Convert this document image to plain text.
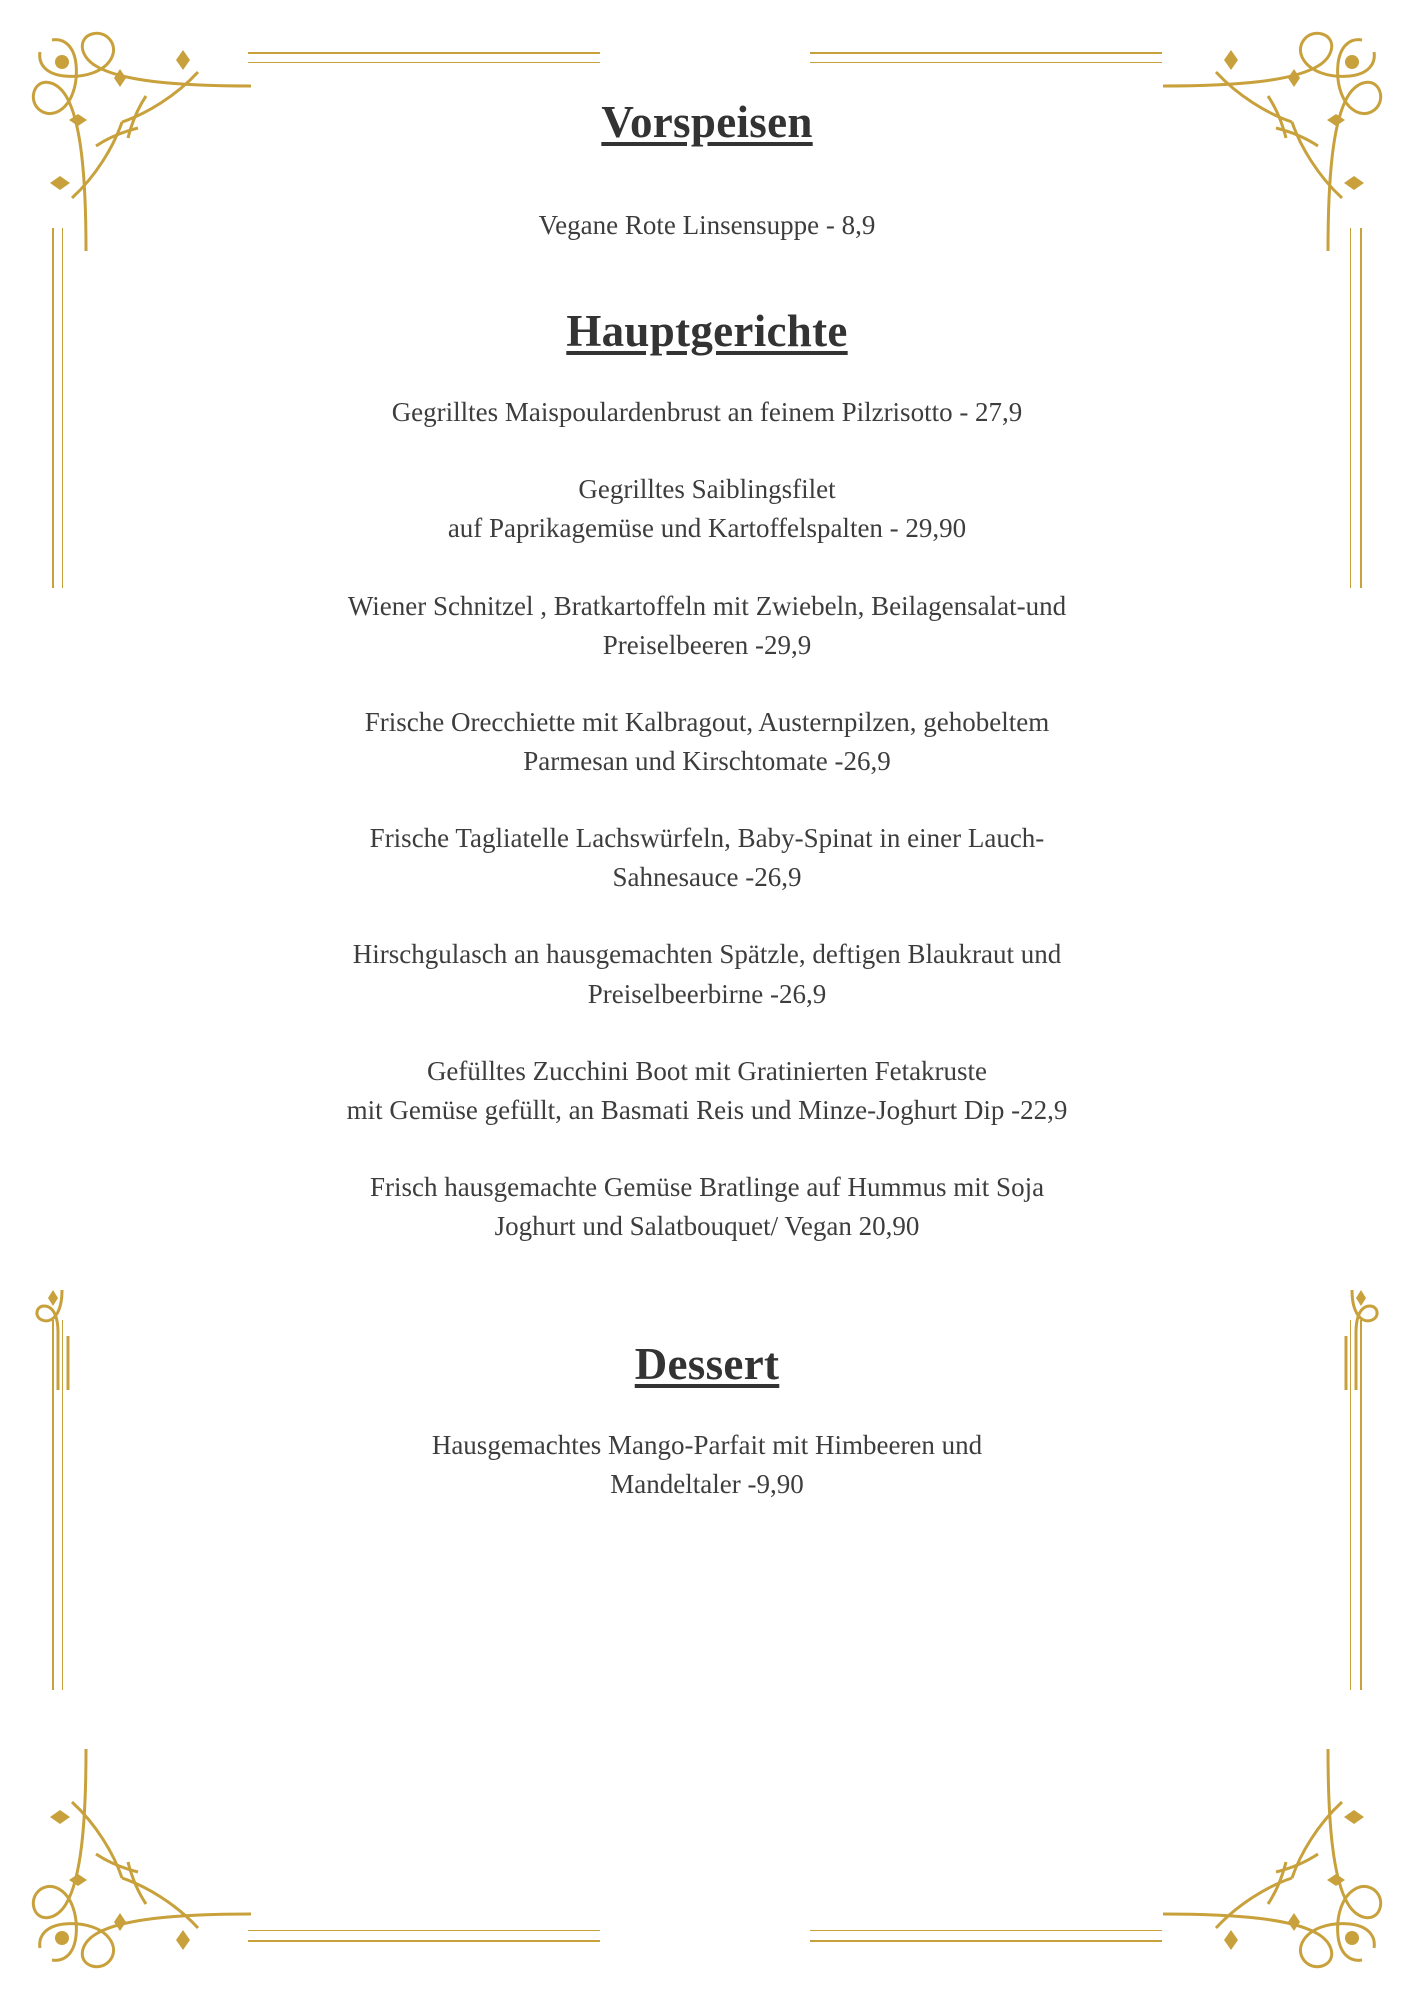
Vorspeisen
Vegane Rote Linsensuppe - 8,9
Hauptgerichte
Gegrilltes Maispoulardenbrust an feinem Pilzrisotto - 27,9
Gegrilltes Saiblingsfilet
auf Paprikagemüse und Kartoffelspalten - 29,90
Wiener Schnitzel , Bratkartoffeln mit Zwiebeln, Beilagensalat-und
Preiselbeeren -29,9
Frische Orecchiette mit Kalbragout, Austernpilzen, gehobeltem
Parmesan und Kirschtomate -26,9
Frische Tagliatelle Lachswürfeln, Baby-Spinat in einer Lauch-
Sahnesauce -26,9
Hirschgulasch an hausgemachten Spätzle, deftigen Blaukraut und
Preiselbeerbirne -26,9
Gefülltes Zucchini Boot mit Gratinierten Fetakruste
mit Gemüse gefüllt, an Basmati Reis und Minze-Joghurt Dip -22,9
Frisch hausgemachte Gemüse Bratlinge auf Hummus mit Soja
Joghurt und Salatbouquet/ Vegan 20,90
Dessert
Hausgemachtes Mango-Parfait mit Himbeeren und
Mandeltaler -9,90
